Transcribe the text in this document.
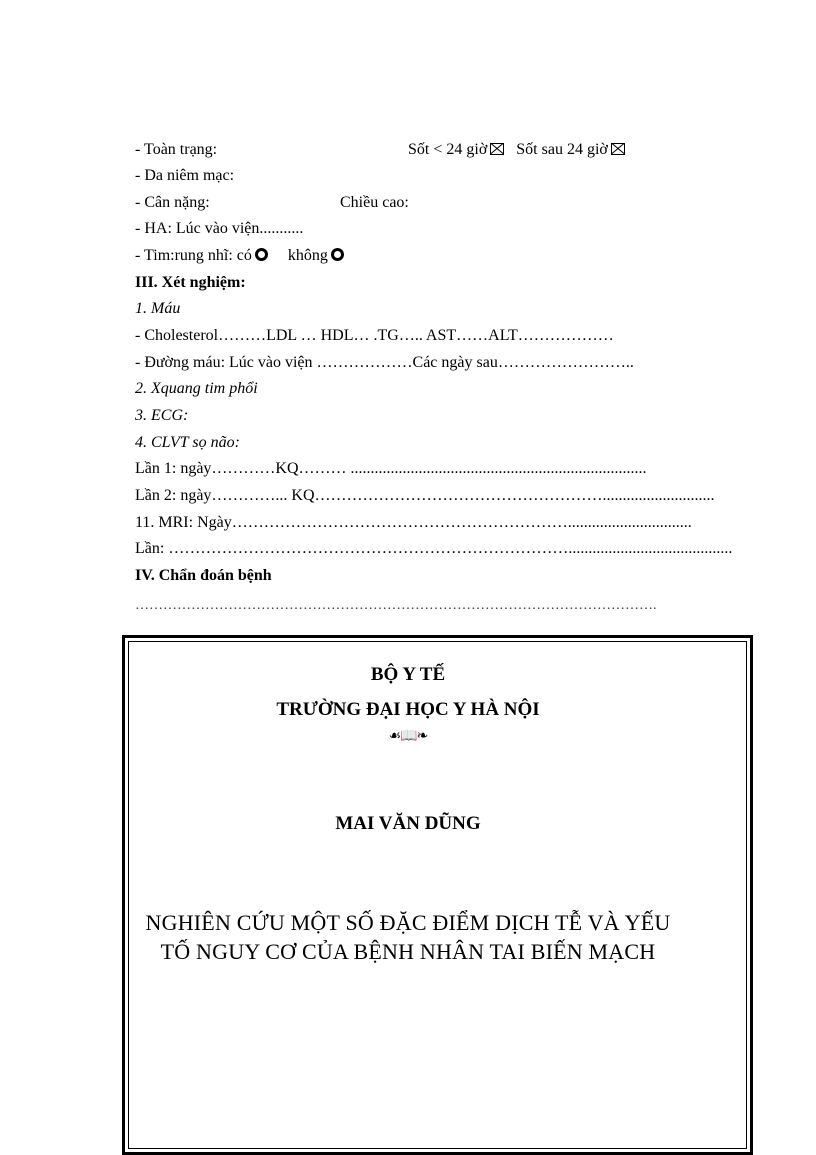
- Toàn trạng:	Sốt < 24 giờ Sốt sau 24 giờ
- Da niêm mạc:
- Cân nặng:	Chiều cao:
- HA: Lúc vào viện...........
- Tim:rung nhĩ: có không
III. Xét nghiệm:
1. Máu
- Cholesterol………LDL … HDL… .TG….. AST……ALT………………
- Đường máu: Lúc vào viện ………………Các ngày sau……………………..
2. Xquang tim phổi
3. ECG:
4. CLVT sọ não:
Lần 1: ngày…………KQ……… ..........................................................................
Lần 2: ngày…………... KQ………………………………………………............................
11. MRI: Ngày………………………………………………………...............................
Lần: ………………………………………………………………….........................................
IV. Chẩn đoán bệnh
………………………………………………………………………………………………….
BỘ Y TẾ
TRƯỜNG ĐẠI HỌC Y HÀ NỘI
☙📖❧
MAI VĂN DŨNG
NGHIÊN CỨU MỘT SỐ ĐẶC ĐIỂM DỊCH TỄ VÀ YẾU
TỐ NGUY CƠ CỦA BỆNH NHÂN TAI BIẾN MẠCH
